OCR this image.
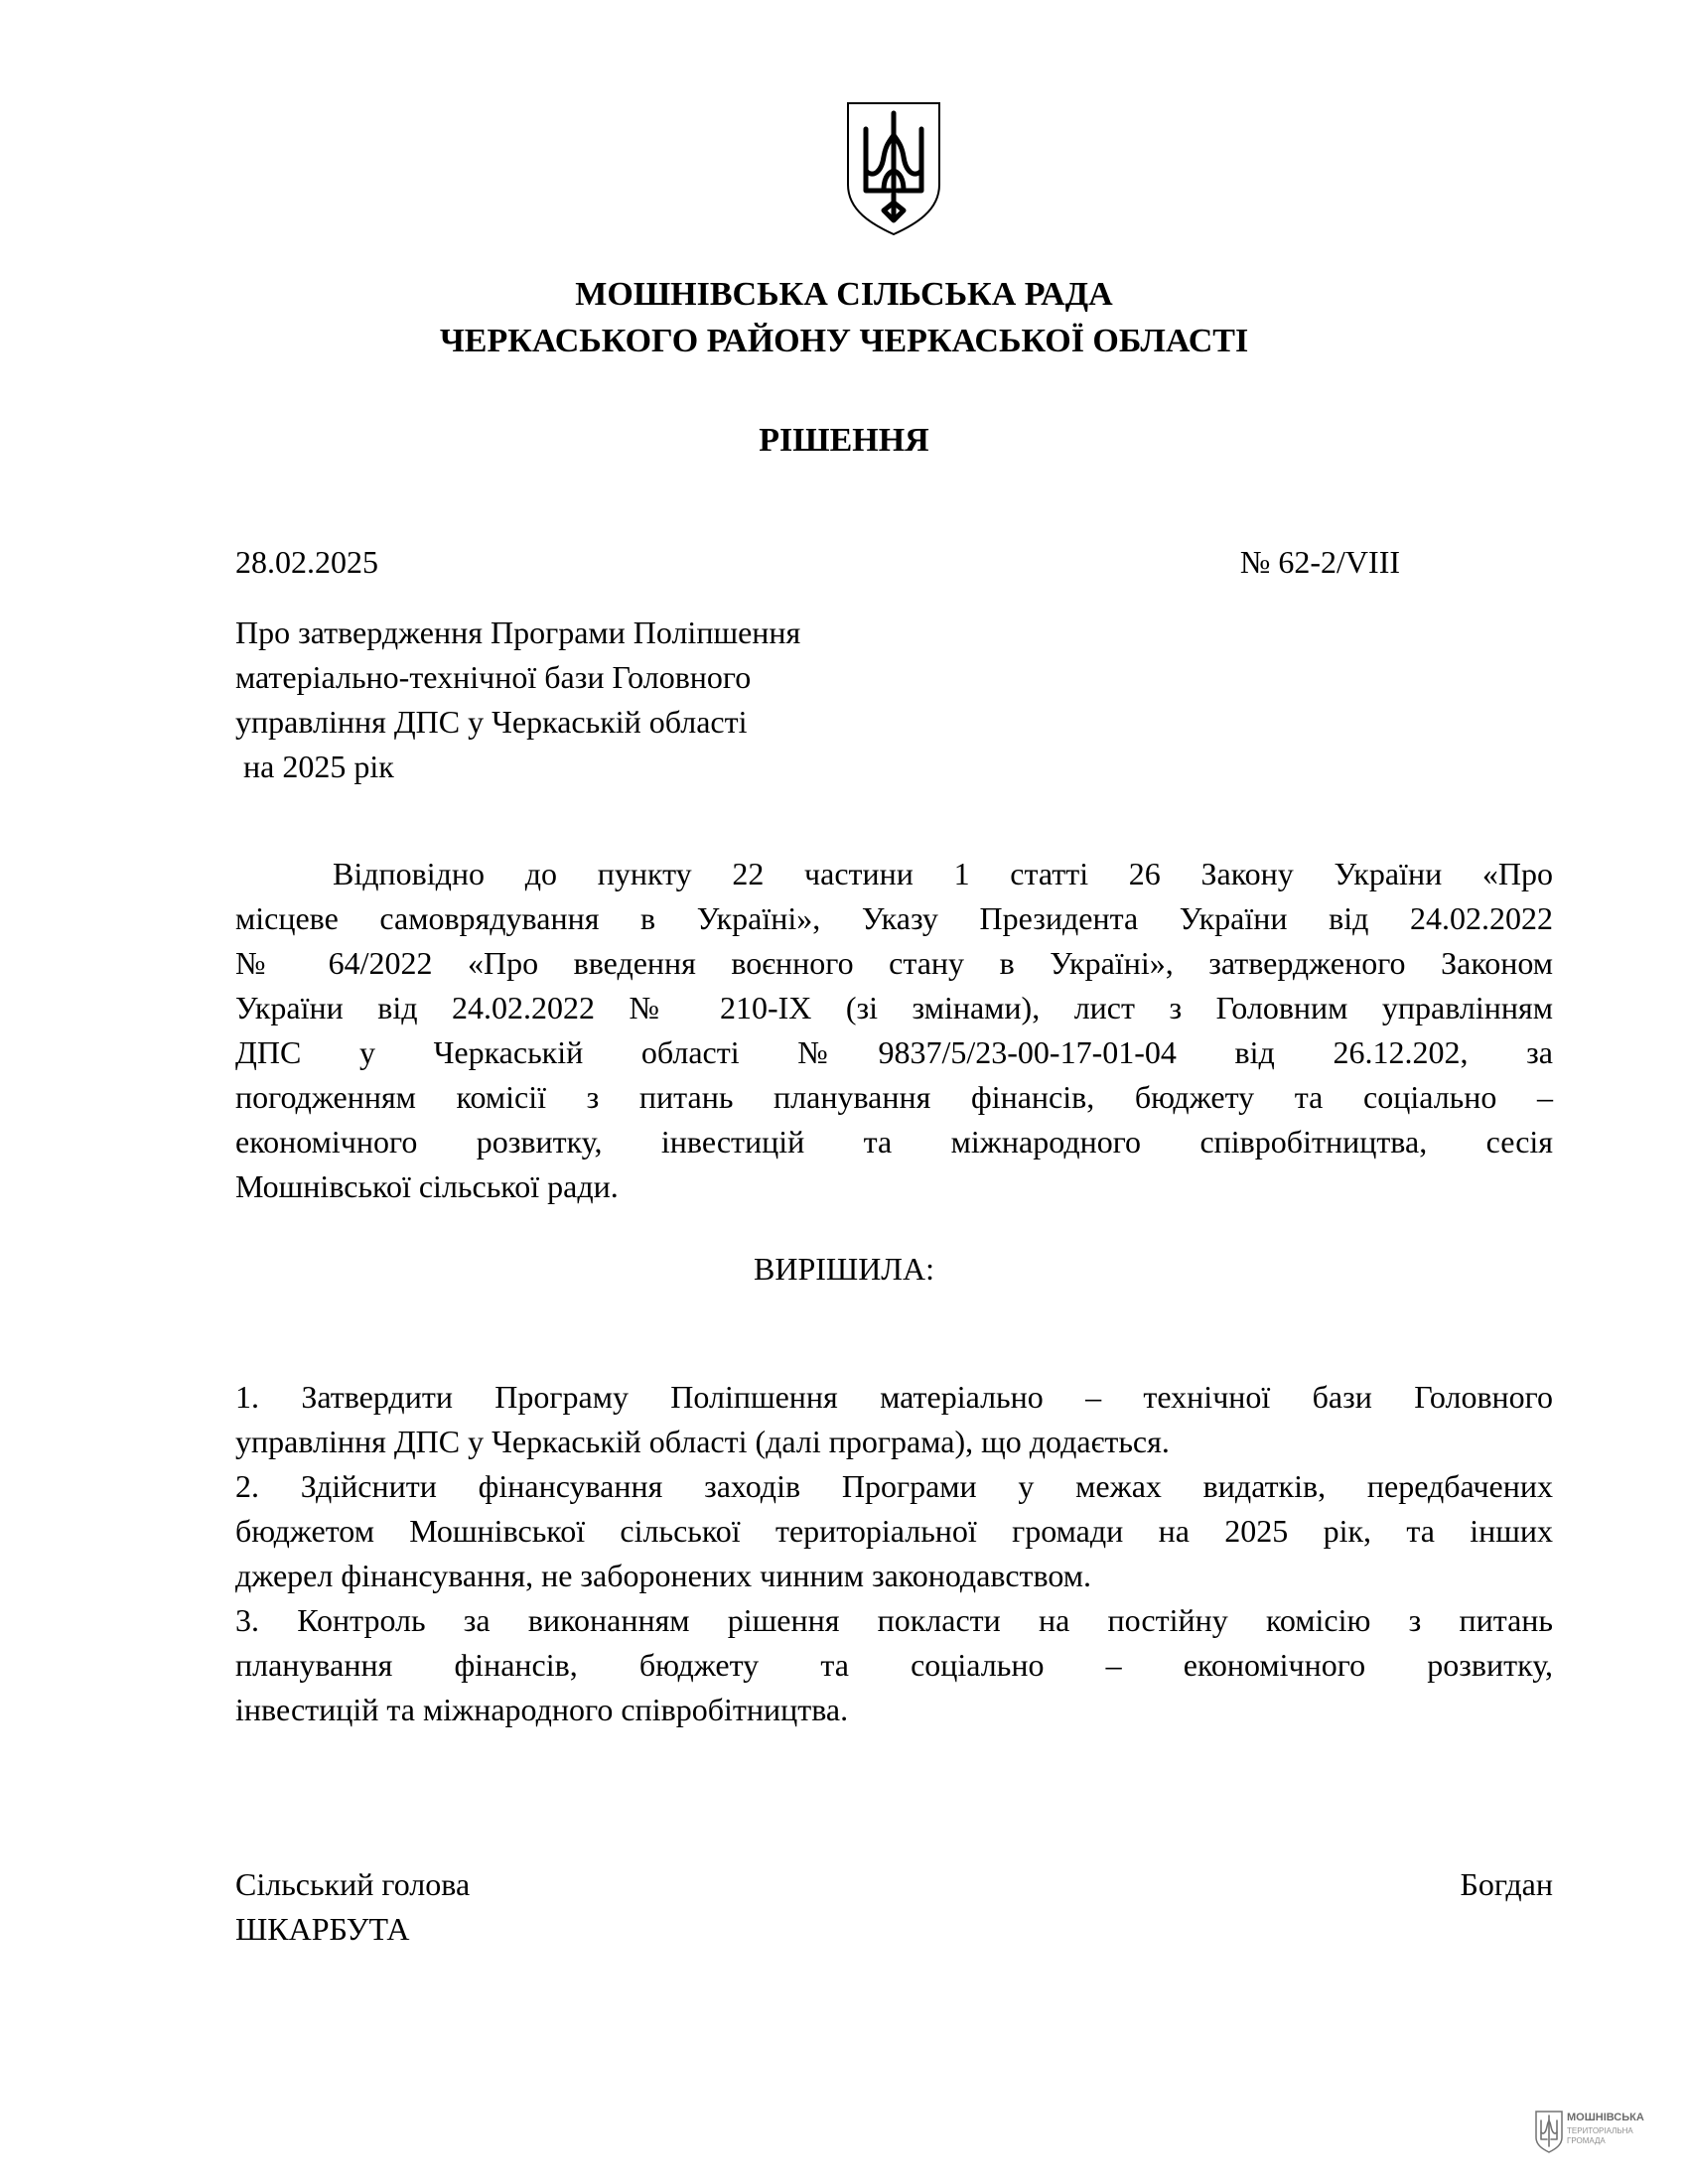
МОШНІВСЬКА СІЛЬСЬКА РАДА
ЧЕРКАСЬКОГО РАЙОНУ ЧЕРКАСЬКОЇ ОБЛАСТІ
РІШЕННЯ
28.02.2025	№ 62-2/VIII
Про затвердження Програми Поліпшення
матеріально-технічної бази Головного
управління ДПС у Черкаській області
на 2025 рік
Відповідно до пункту 22 частини 1 статті 26 Закону України «Про
місцеве самоврядування в Україні», Указу Президента України від 24.02.2022
№ 64/2022 «Про введення воєнного стану в Україні», затвердженого Законом
України від 24.02.2022 № 210-IX (зі змінами), лист з Головним управлінням
ДПС у Черкаській області №9837/5/23-00-17-01-04 від 26.12.202, за
погодженням комісії з питань планування фінансів, бюджету та соціально –
економічного розвитку, інвестицій та міжнародного співробітництва, сесія
Мошнівської сільської ради.
ВИРІШИЛА:
1. Затвердити Програму Поліпшення матеріально – технічної бази Головного
управління ДПС у Черкаській області (далі програма), що додається.
2. Здійснити фінансування заходів Програми у межах видатків, передбачених
бюджетом Мошнівської сільської територіальної громади на 2025 рік, та інших
джерел фінансування, не заборонених чинним законодавством.
3. Контроль за виконанням рішення покласти на постійну комісію з питань
планування фінансів, бюджету та соціально – економічного розвитку,
інвестицій та міжнародного співробітництва.
Сільський голова	Богдан
ШКАРБУТА
МОШНІВСЬКА
ТЕРИТОРІАЛЬНА
ГРОМАДА
